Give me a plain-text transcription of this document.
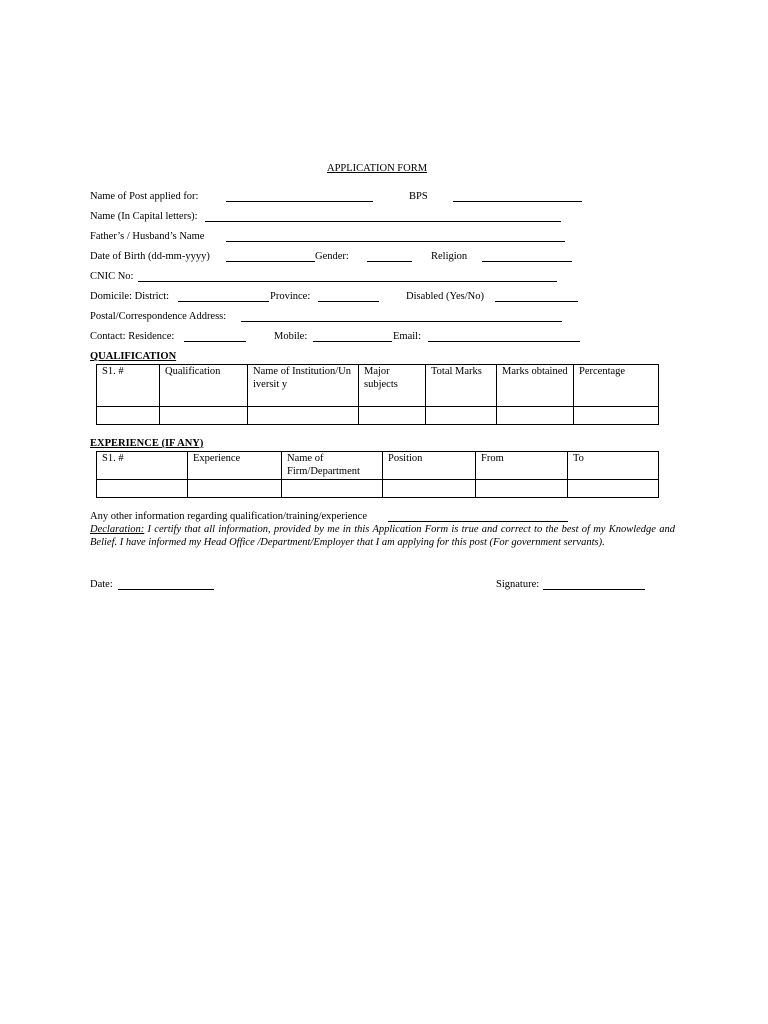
APPLICATION FORM
Name of Post applied for:	BPS
Name (In Capital letters):
Father’s / Husband’s Name
Date of Birth (dd-mm-yyyy)	Gender:	Religion
CNIC No:
Domicile: District:	Province:	Disabled (Yes/No)
Postal/Correspondence Address:
Contact: Residence:	Mobile:	Email:
QUALIFICATION
S1. #	Qualification	Name of Institution/Universit y	Major subjects	Total Marks	Marks obtained	Percentage

EXPERIENCE (IF ANY)
S1. #	Experience	Name of Firm/Department	Position	From	To

Any other information regarding qualification/training/experience
Declaration: I certify that all information, provided by me in this Application Form is true and correct to the best of my Knowledge and Belief. I have informed my Head Office /Department/Employer that I am applying for this post (For government servants).
Date:	Signature:
